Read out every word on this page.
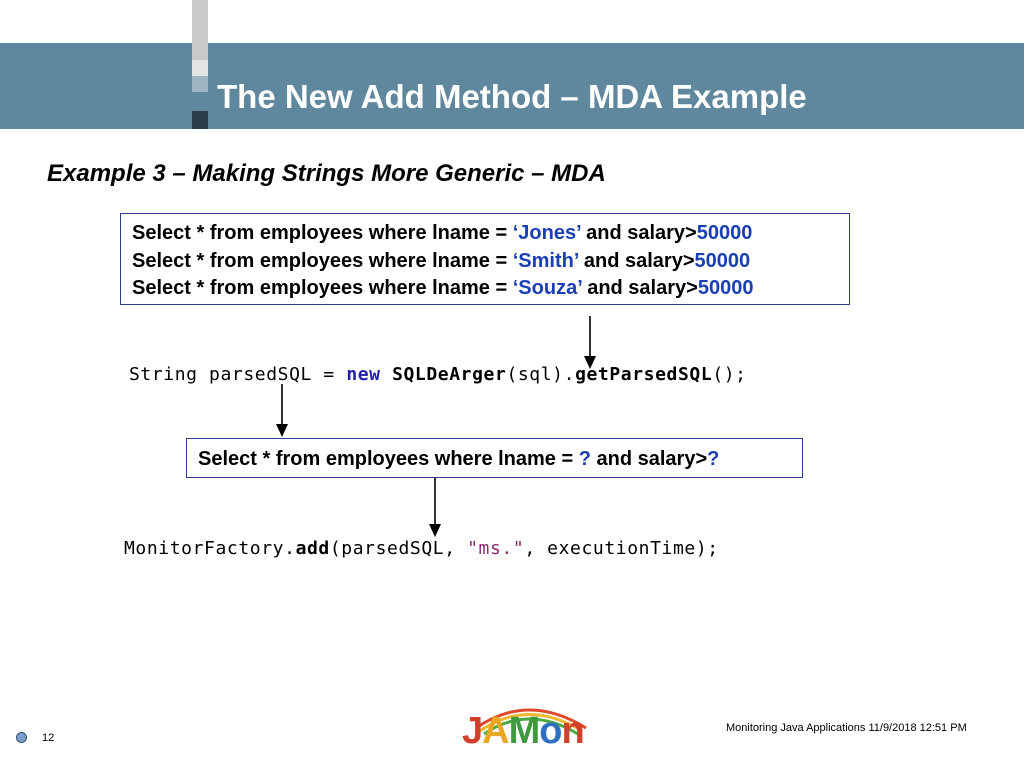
The New Add Method – MDA Example
Example 3 – Making Strings More Generic – MDA
Select * from employees where lname = ‘Jones’ and salary>50000
Select * from employees where lname = ‘Smith’ and salary>50000
Select * from employees where lname = ‘Souza’ and salary>50000
String parsedSQL = new SQLDeArger(sql).getParsedSQL();
Select * from employees where lname = ? and salary>?
MonitorFactory.add(parsedSQL, "ms.", executionTime);
12	JAMon	Monitoring Java Applications 11/9/2018 12:51 PM
